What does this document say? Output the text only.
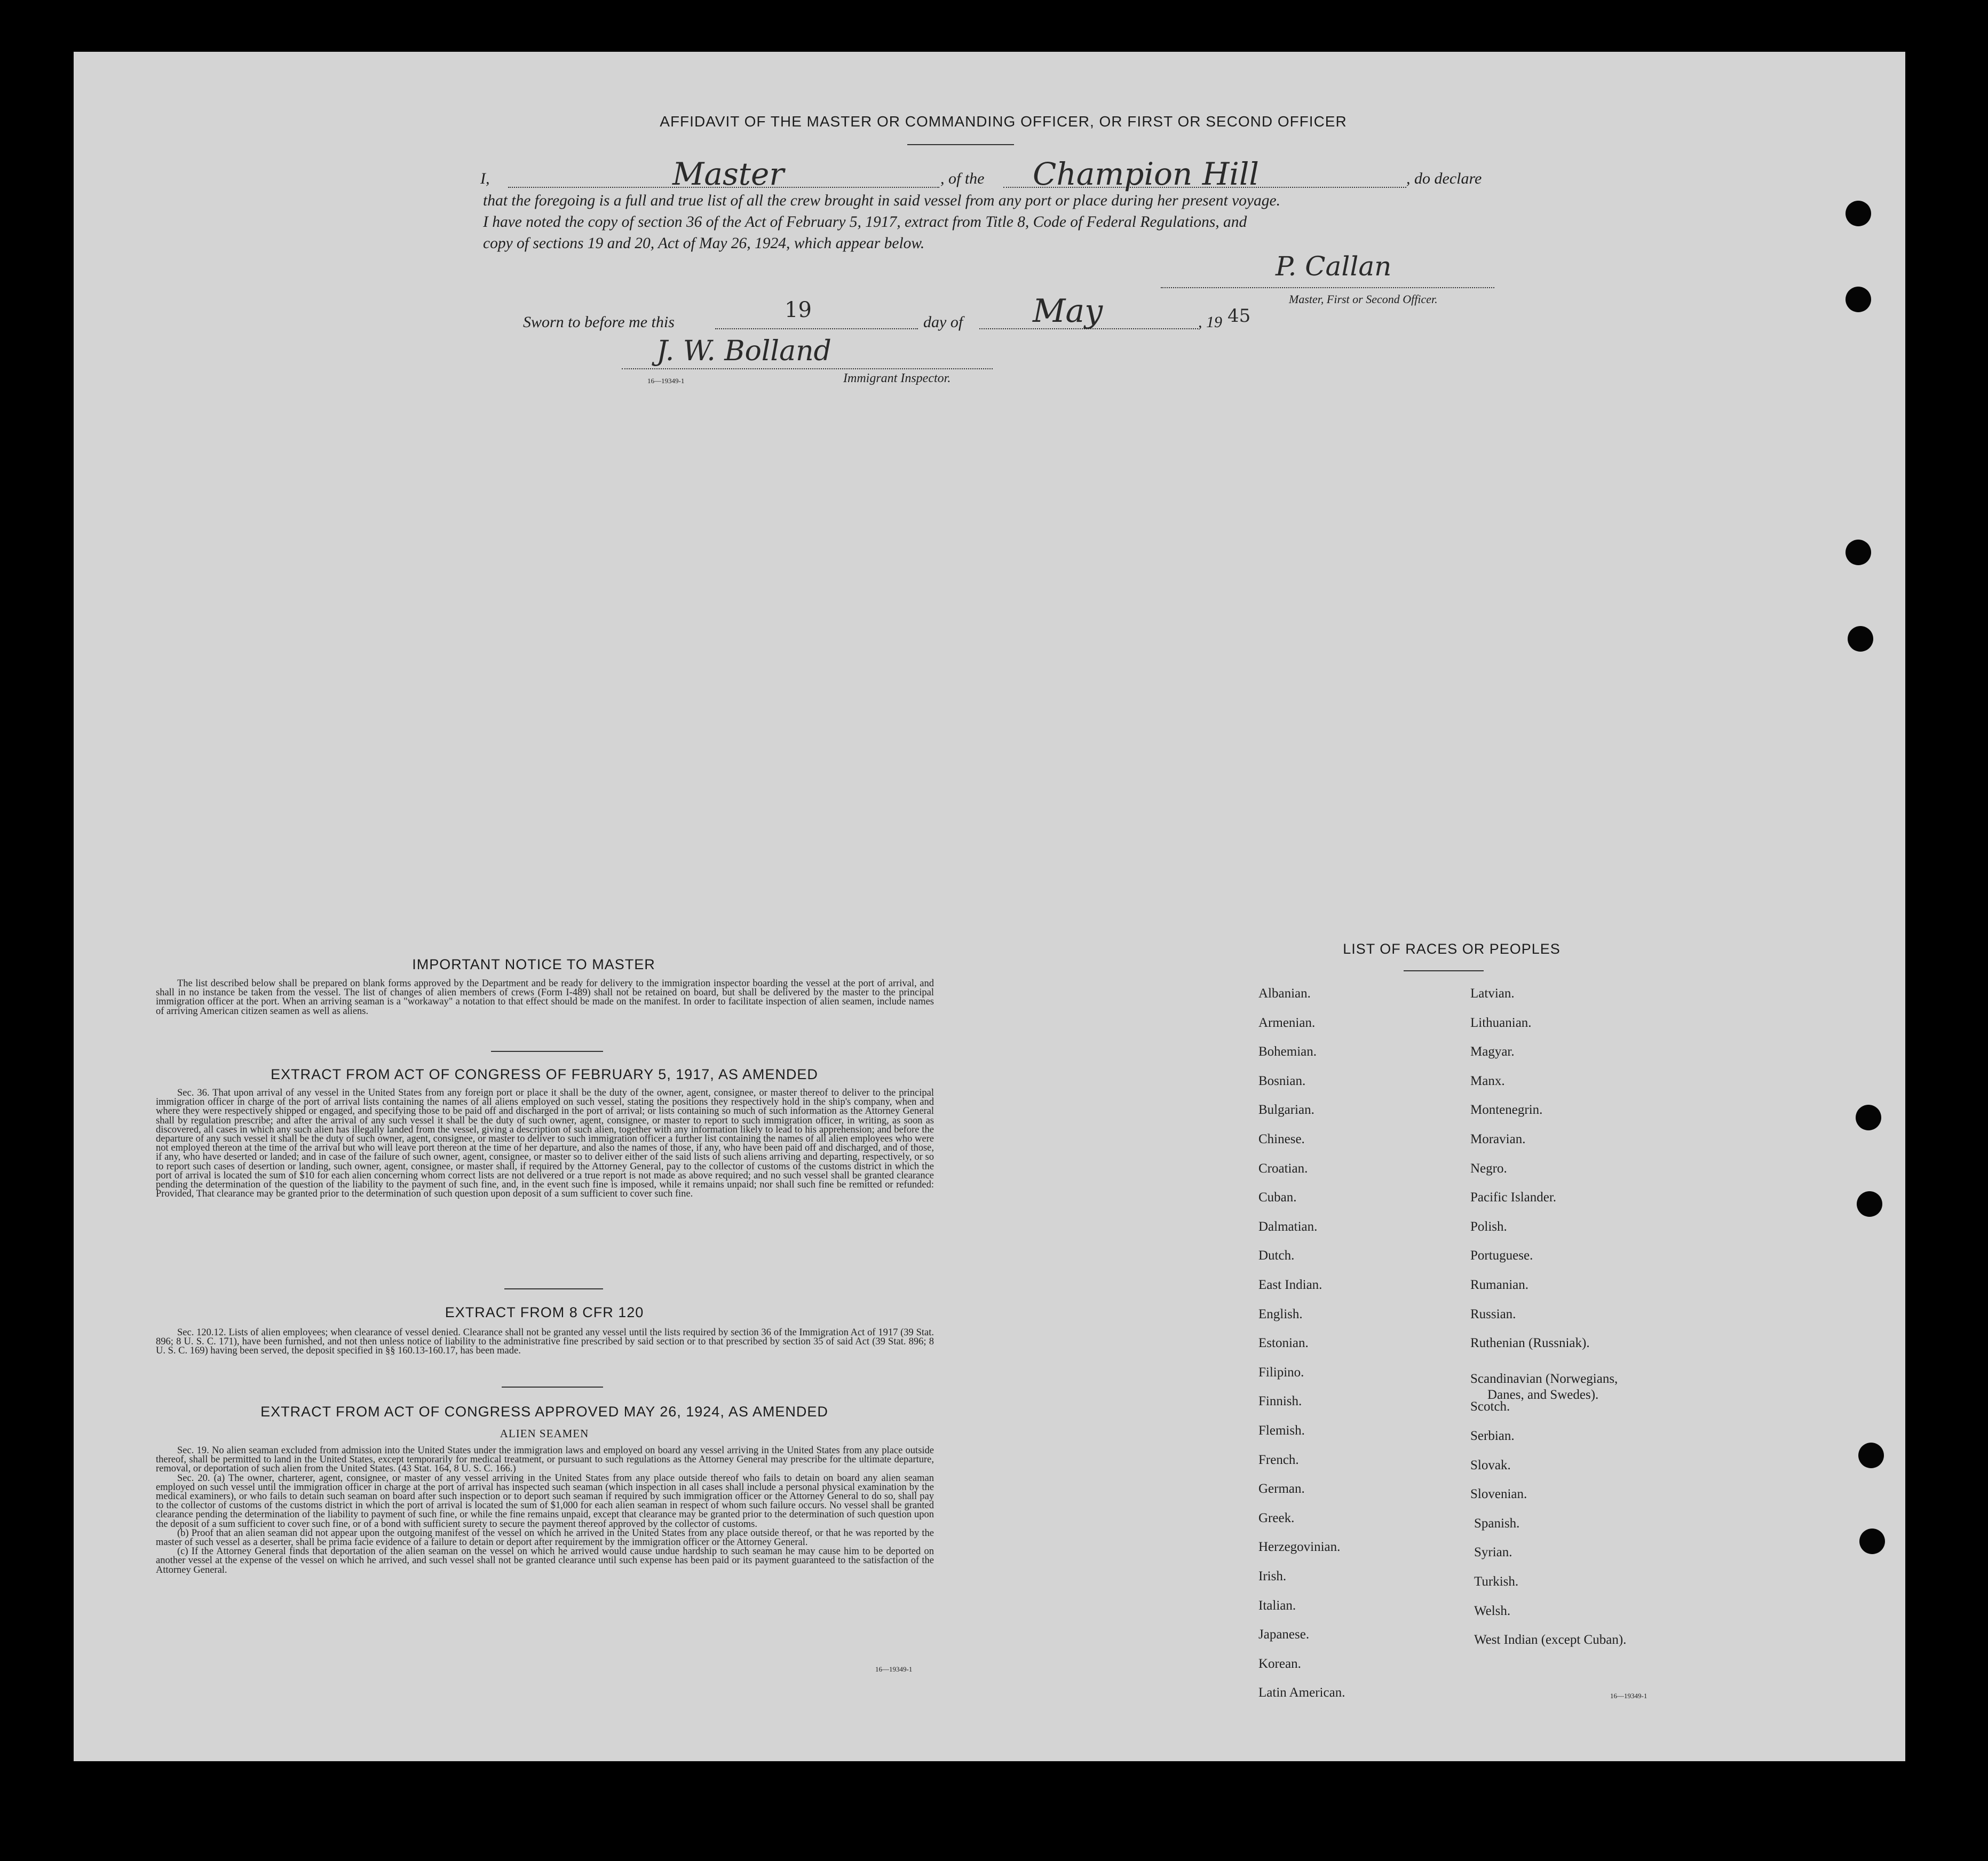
AFFIDAVIT OF THE MASTER OR COMMANDING OFFICER, OR FIRST OR SECOND OFFICER
I,	Master	, of the Champion Hill	, do declare
that the foregoing is a full and true list of all the crew brought in said vessel from any port or place during her present voyage.
I have noted the copy of section 36 of the Act of February 5, 1917, extract from Title 8, Code of Federal Regulations, and
copy of sections 19 and 20, Act of May 26, 1924, which appear below.
P. Callan
Master, First or Second Officer.
Sworn to before me this	19	day of May	, 19 45
J. W. Bolland
16—19349-1	Immigrant Inspector.
IMPORTANT NOTICE TO MASTER

The list described below shall be prepared on blank forms approved by the Department and be ready for delivery to the immigration inspector boarding the vessel at the port of arrival, and shall in no instance be taken from the vessel. The list of changes of alien members of crews (Form I-489) shall not be retained on board, but shall be delivered by the master to the principal immigration officer at the port. When an arriving seaman is a "workaway" a notation to that effect should be made on the manifest. In order to facilitate inspection of alien seamen, include names of arriving American citizen seamen as well as aliens.

EXTRACT FROM ACT OF CONGRESS OF FEBRUARY 5, 1917, AS AMENDED

Sec. 36. That upon arrival of any vessel in the United States from any foreign port or place it shall be the duty of the owner, agent, consignee, or master thereof to deliver to the principal immigration officer in charge of the port of arrival lists containing the names of all aliens employed on such vessel, stating the positions they respectively hold in the ship's company, when and where they were respectively shipped or engaged, and specifying those to be paid off and discharged in the port of arrival; or lists containing so much of such information as the Attorney General shall by regulation prescribe; and after the arrival of any such vessel it shall be the duty of such owner, agent, consignee, or master to report to such immigration officer, in writing, as soon as discovered, all cases in which any such alien has illegally landed from the vessel, giving a description of such alien, together with any information likely to lead to his apprehension; and before the departure of any such vessel it shall be the duty of such owner, agent, consignee, or master to deliver to such immigration officer a further list containing the names of all alien employees who were not employed thereon at the time of the arrival but who will leave port thereon at the time of her departure, and also the names of those, if any, who have been paid off and discharged, and of those, if any, who have deserted or landed; and in case of the failure of such owner, agent, consignee, or master so to deliver either of the said lists of such aliens arriving and departing, respectively, or so to report such cases of desertion or landing, such owner, agent, consignee, or master shall, if required by the Attorney General, pay to the collector of customs of the customs district in which the port of arrival is located the sum of $10 for each alien concerning whom correct lists are not delivered or a true report is not made as above required; and no such vessel shall be granted clearance pending the determination of the question of the liability to the payment of such fine, and, in the event such fine is imposed, while it remains unpaid; nor shall such fine be remitted or refunded: Provided, That clearance may be granted prior to the determination of such question upon deposit of a sum sufficient to cover such fine.

EXTRACT FROM 8 CFR 120

Sec. 120.12. Lists of alien employees; when clearance of vessel denied. Clearance shall not be granted any vessel until the lists required by section 36 of the Immigration Act of 1917 (39 Stat. 896; 8 U. S. C. 171), have been furnished, and not then unless notice of liability to the administrative fine prescribed by said section or to that prescribed by section 35 of said Act (39 Stat. 896; 8 U. S. C. 169) having been served, the deposit specified in §§ 160.13-160.17, has been made.

EXTRACT FROM ACT OF CONGRESS APPROVED MAY 26, 1924, AS AMENDED
ALIEN SEAMEN

Sec. 19. No alien seaman excluded from admission into the United States under the immigration laws and employed on board any vessel arriving in the United States from any place outside thereof, shall be permitted to land in the United States, except temporarily for medical treatment, or pursuant to such regulations as the Attorney General may prescribe for the ultimate departure, removal, or deportation of such alien from the United States. (43 Stat. 164, 8 U. S. C. 166.)

Sec. 20. (a) The owner, charterer, agent, consignee, or master of any vessel arriving in the United States from any place outside thereof who fails to detain on board any alien seaman employed on such vessel until the immigration officer in charge at the port of arrival has inspected such seaman (which inspection in all cases shall include a personal physical examination by the medical examiners), or who fails to detain such seaman on board after such inspection or to deport such seaman if required by such immigration officer or the Attorney General to do so, shall pay to the collector of customs of the customs district in which the port of arrival is located the sum of $1,000 for each alien seaman in respect of whom such failure occurs. No vessel shall be granted clearance pending the determination of the liability to payment of such fine, or while the fine remains unpaid, except that clearance may be granted prior to the determination of such question upon the deposit of a sum sufficient to cover such fine, or of a bond with sufficient surety to secure the payment thereof approved by the collector of customs.

(b) Proof that an alien seaman did not appear upon the outgoing manifest of the vessel on which he arrived in the United States from any place outside thereof, or that he was reported by the master of such vessel as a deserter, shall be prima facie evidence of a failure to detain or deport after requirement by the immigration officer or the Attorney General.

(c) If the Attorney General finds that deportation of the alien seaman on the vessel on which he arrived would cause undue hardship to such seaman he may cause him to be deported on another vessel at the expense of the vessel on which he arrived, and such vessel shall not be granted clearance until such expense has been paid or its payment guaranteed to the satisfaction of the Attorney General.

16—19349-1
LIST OF RACES OR PEOPLES
Albanian.
Armenian.
Bohemian.
Bosnian.
Bulgarian.
Chinese.
Croatian.
Cuban.
Dalmatian.
Dutch.
East Indian.
English.
Estonian.
Filipino.
Finnish.
Flemish.
French.
German.
Greek.
Herzegovinian.
Irish.
Italian.
Japanese.
Korean.
Latin American.
Latvian.
Lithuanian.
Magyar.
Manx.
Montenegrin.
Moravian.
Negro.
Pacific Islander.
Polish.
Portuguese.
Rumanian.
Russian.
Ruthenian (Russniak).
Scandinavian (Norwegians,
Scotch.
Serbian.
Slovak.
Slovenian.
Spanish.
Syrian.
Turkish.
Welsh.
West Indian (except Cuban).
Danes, and Swedes).
16—19349-1
